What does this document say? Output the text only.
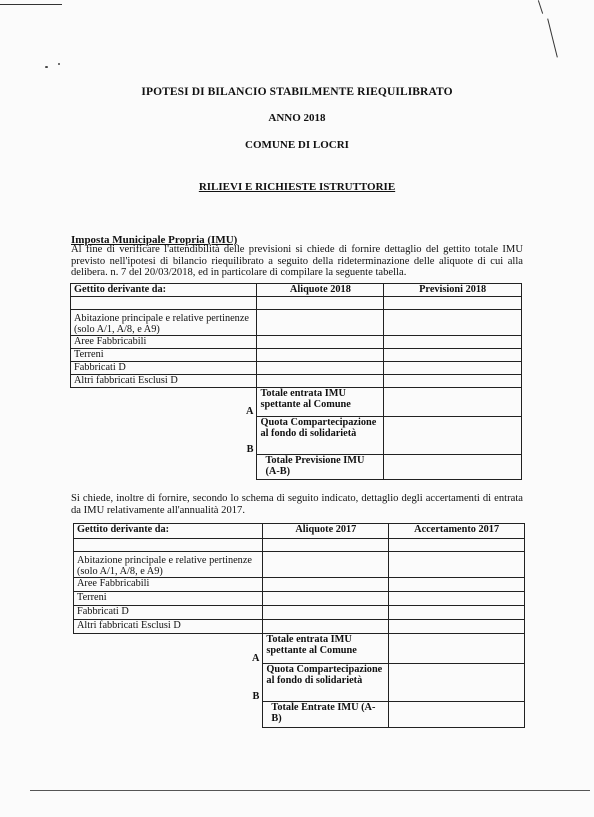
IPOTESI DI BILANCIO STABILMENTE RIEQUILIBRATO
ANNO 2018
COMUNE DI LOCRI
RILIEVI E RICHIESTE ISTRUTTORIE
Imposta Municipale Propria (IMU)
Al fine di verificare l'attendibilità delle previsioni si chiede di fornire dettaglio del gettito totale IMU previsto nell'ipotesi di bilancio riequilibrato a seguito della rideterminazione delle aliquote di cui alla delibera. n. 7 del 20/03/2018, ed in particolare di compilare la seguente tabella.
Gettito derivante da:	Aliquote 2018	Previsioni 2018

Abitazione principale e relative pertinenze (solo A/1, A/8, e A9)		
Aree Fabbricabili		
Terreni		
Fabbricati D		
Altri fabbricati Esclusi D		
A	Totale entrata IMU spettante al Comune	
B	Quota Compartecipazione al fondo di solidarietà	
	Totale Previsione IMU (A-B)	
Si chiede, inoltre di fornire, secondo lo schema di seguito indicato, dettaglio degli accertamenti di entrata da IMU relativamente all'annualità 2017.
Gettito derivante da:	Aliquote 2017	Accertamento 2017

Abitazione principale e relative pertinenze (solo A/1, A/8, e A9)		
Aree Fabbricabili		
Terreni		
Fabbricati D		
Altri fabbricati Esclusi D		
A	Totale entrata IMU spettante al Comune	
B	Quota Compartecipazione al fondo di solidarietà	
	Totale Entrate IMU (A-B)	
